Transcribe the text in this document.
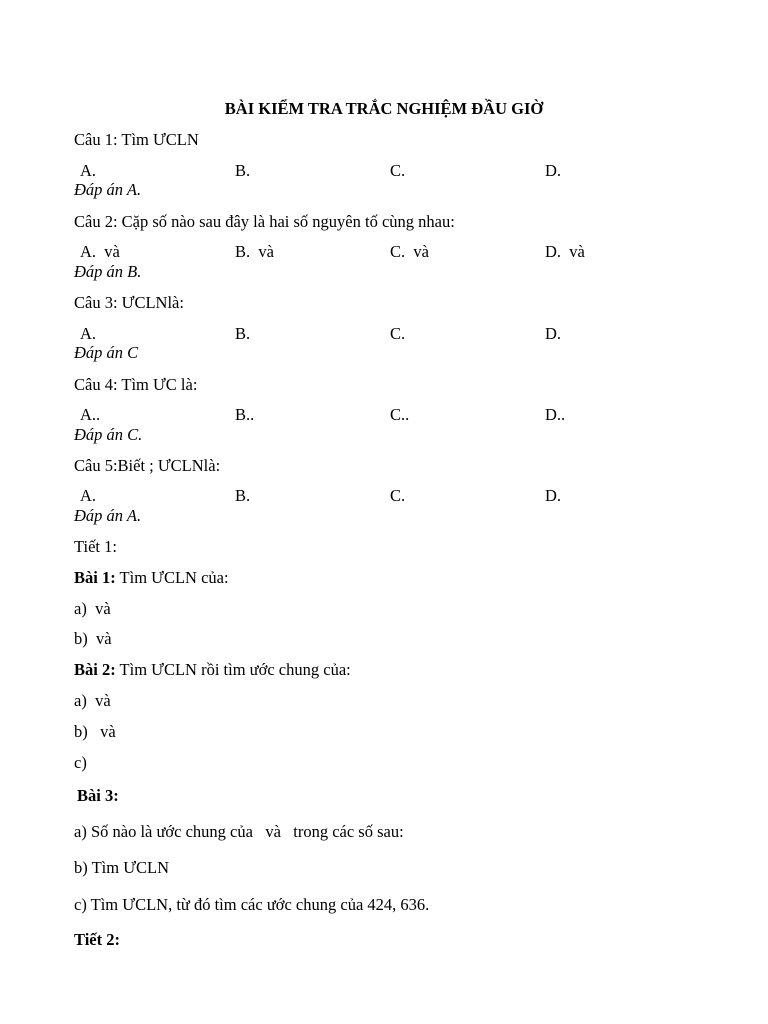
BÀI KIỂM TRA TRẮC NGHIỆM ĐẦU GIỜ
Câu 1: Tìm ƯCLN
A.	B.	C.	D.
Đáp án A.
Câu 2: Cặp số nào sau đây là hai số nguyên tố cùng nhau:
A.  và	B.  và	C.  và	D.  và
Đáp án B.
Câu 3: ƯCLNlà:
A.	B.	C.	D.
Đáp án C
Câu 4: Tìm ƯC là:
A..	B..	C..	D..
Đáp án C.
Câu 5:Biết ; ƯCLNlà:
A.	B.	C.	D.
Đáp án A.
Tiết 1:
Bài 1: Tìm ƯCLN của:
a)  và
b)  và
Bài 2: Tìm ƯCLN rồi tìm ước chung của:
a)  và
b)   và
c)
Bài 3:
a) Số nào là ước chung của   và   trong các số sau:
b) Tìm ƯCLN
c) Tìm ƯCLN, từ đó tìm các ước chung của 424, 636.
Tiết 2:
